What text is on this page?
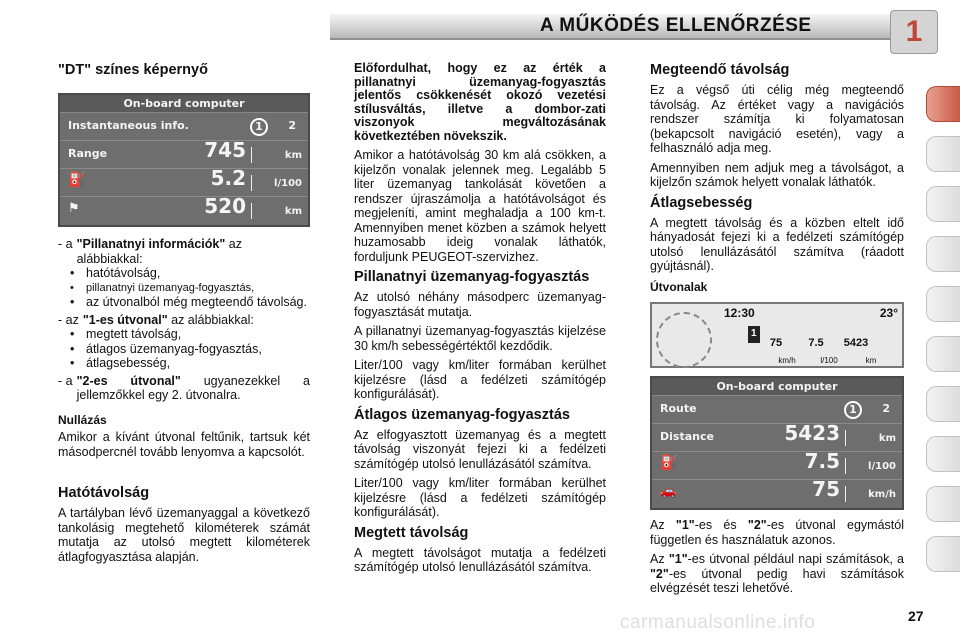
A MŰKÖDÉS ELLENŐRZÉSE	1
"DT" színes képernyő
On-board computer
Instantaneous info.	1	2
Range	745	km
⛽	5.2	l/100
⚑	520	km
- a "Pillanatnyi információk" az alábbiakkal:
• hatótávolság,
•	pillanatnyi üzemanyag-fogyasztás,
• az útvonalból még megteendő távolság.
- az "1-es útvonal" az alábbiakkal:
• megtett távolság,
• átlagos üzemanyag-fogyasztás,
• átlagsebesség,
- a "2-es útvonal" ugyanezekkel a jellemzőkkel egy 2. útvonalra.
Nullázás

Amikor a kívánt útvonal feltűnik, tartsuk két másodpercnél tovább lenyomva a kapcsolót.

Hatótávolság

A tartályban lévő üzemanyaggal a következő tankolásig megtehető kilométerek számát mutatja az utolsó megtett kilométerek átlagfogyasztása alapján.

Előfordulhat, hogy ez az érték a pillanatnyi üzemanyag-fogyasztás jelentős csökkenését okozó vezetési stílusváltás, illetve a dombor-zati viszonyok megváltozásának következtében növekszik.

Amikor a hatótávolság 30 km alá csökken, a kijelzőn vonalak jelennek meg. Legalább 5 liter üzemanyag tankolását követően a rendszer újraszámolja a hatótávolságot és megjeleníti, amint meghaladja a 100 km-t. Amennyiben menet közben a számok helyett huzamosabb ideig vonalak láthatók, forduljunk PEUGEOT-szervizhez.

Pillanatnyi üzemanyag-fogyasztás

Az utolsó néhány másodperc üzemanyag-fogyasztását mutatja.

A pillanatnyi üzemanyag-fogyasztás kijelzése 30 km/h sebességértéktől kezdődik.

Liter/100 vagy km/liter formában kerülhet kijelzésre (lásd a fedélzeti számítógép konfigurálását).

Átlagos üzemanyag-fogyasztás

Az elfogyasztott üzemanyag és a megtett távolság viszonyát fejezi ki a fedélzeti számítógép utolsó lenullázásától számítva.

Liter/100 vagy km/liter formában kerülhet kijelzésre (lásd a fedélzeti számítógép konfigurálását).

Megtett távolság

A megtett távolságot mutatja a fedélzeti számítógép utolsó lenullázásától számítva.

Megteendő távolság

Ez a végső úti célig még megteendő távolság. Az értéket vagy a navigációs rendszer számítja ki folyamatosan (bekapcsolt navigáció esetén), vagy a felhasználó adja meg.

Amennyiben nem adjuk meg a távolságot, a kijelzőn számok helyett vonalak láthatók.

Átlagsebesség

A megtett távolság és a közben eltelt idő hányadosát fejezi ki a fedélzeti számítógép utolsó lenullázásától számítva (ráadott gyújtásnál).

Útvonalak
12:30	23°
1
75 7.5 5423
km/h	l/100	km
On-board computer
Route	1	2
Distance	5423	km
⛽	7.5	l/100
🚗	75	km/h

Az "1"-es és "2"-es útvonal egymástól független és használatuk azonos.

Az "1"-es útvonal például napi számítások, a "2"-es útvonal pedig havi számítások elvégzését teszi lehetővé.

carmanualsonline.info	27
